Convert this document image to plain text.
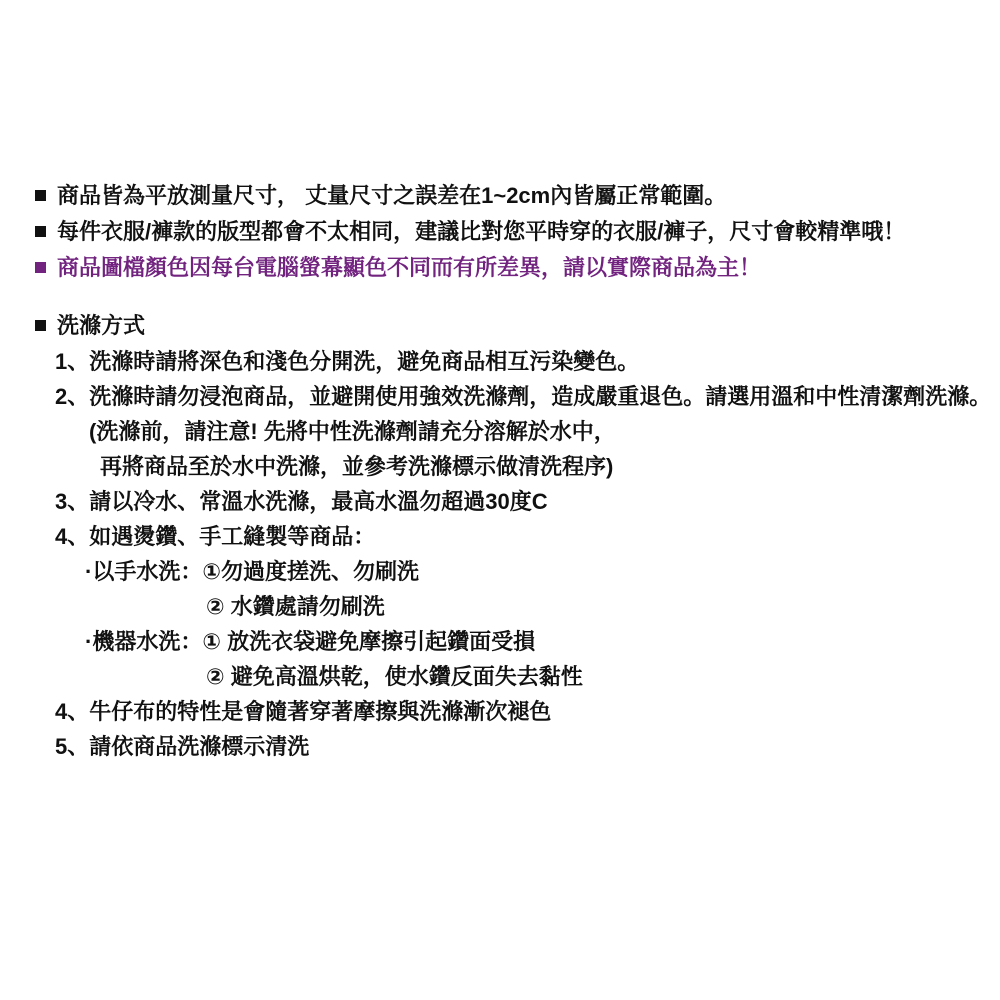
商品皆為平放測量尺寸， 丈量尺寸之誤差在1~2cm內皆屬正常範圍。
每件衣服/褲款的版型都會不太相同，建議比對您平時穿的衣服/褲子，尺寸會較精準哦！
商品圖檔顏色因每台電腦螢幕顯色不同而有所差異，請以實際商品為主！
洗滌方式
1、洗滌時請將深色和淺色分開洗，避免商品相互污染變色。
2、洗滌時請勿浸泡商品，並避開使用強效洗滌劑，造成嚴重退色。請選用溫和中性清潔劑洗滌。
(洗滌前，請注意! 先將中性洗滌劑請充分溶解於水中，
再將商品至於水中洗滌，並參考洗滌標示做清洗程序)
3、請以冷水、常溫水洗滌，最高水溫勿超過30度C
4、如遇燙鑽、手工縫製等商品：
·以手水洗：①勿過度搓洗、勿刷洗
② 水鑽處請勿刷洗
·機器水洗：① 放洗衣袋避免摩擦引起鑽面受損
② 避免高溫烘乾，使水鑽反面失去黏性
4、牛仔布的特性是會隨著穿著摩擦與洗滌漸次褪色
5、請依商品洗滌標示清洗
